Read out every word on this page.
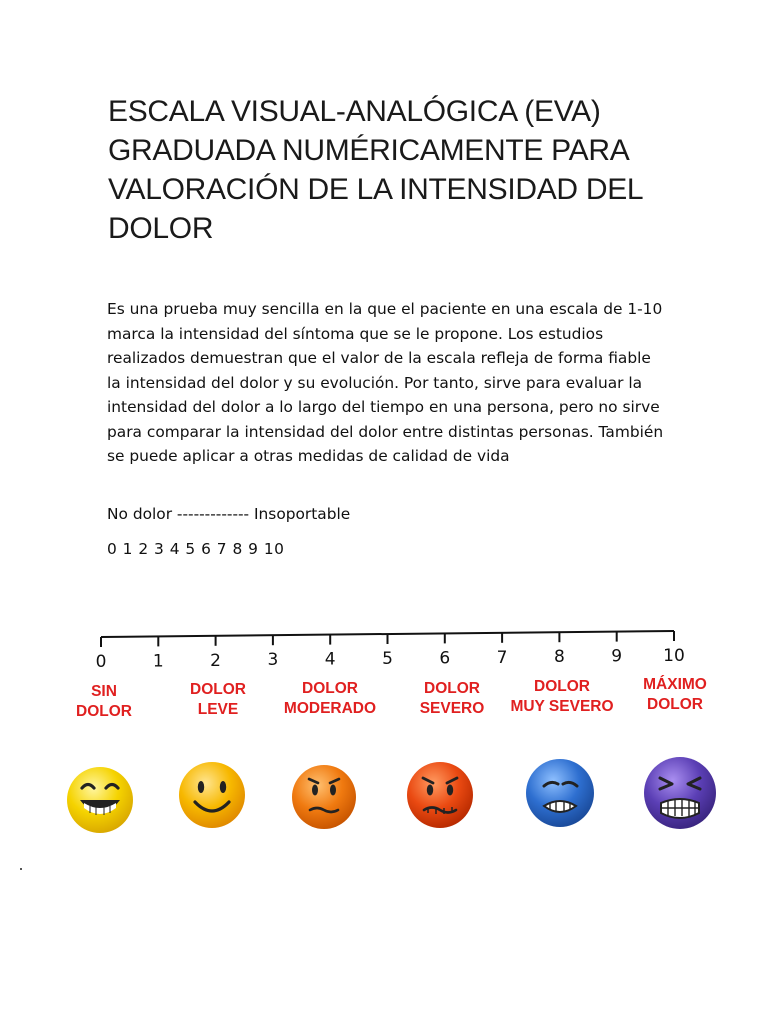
ESCALA VISUAL-ANALÓGICA (EVA)
GRADUADA NUMÉRICAMENTE PARA
VALORACIÓN DE LA INTENSIDAD DEL
DOLOR
Es una prueba muy sencilla en la que el paciente en una escala de 1-10 marca la intensidad del síntoma que se le propone. Los estudios realizados demuestran que el valor de la escala refleja de forma fiable la intensidad del dolor y su evolución. Por tanto, sirve para evaluar la intensidad del dolor a lo largo del tiempo en una persona, pero no sirve para comparar la intensidad del dolor entre distintas personas. También se puede aplicar a otras medidas de calidad de vida
No dolor ------------- Insoportable
0 1 2 3 4 5 6 7 8 9 10
0	1	2	3	4	5	6	7	8	9 10
SIN
DOLOR
DOLOR
LEVE
DOLOR
MODERADO
DOLOR
SEVERO
DOLOR
MUY SEVERO
MÁXIMO
DOLOR
